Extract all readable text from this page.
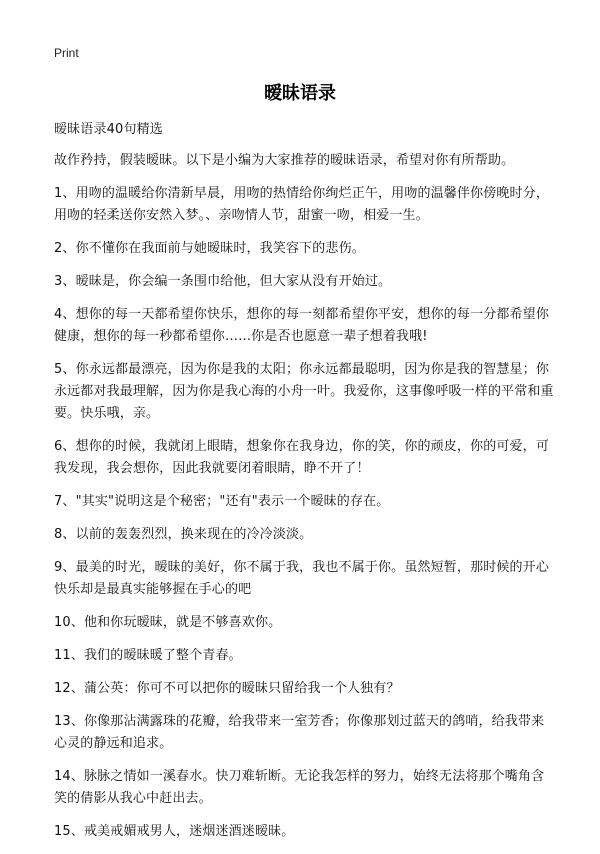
Print
暧昧语录

暧昧语录40句精选

故作矜持，假装暧昧。以下是小编为大家推荐的暧昧语录，希望对你有所帮助。

1、用吻的温暖给你清新早晨，用吻的热情给你绚烂正午，用吻的温馨伴你傍晚时分，用吻的轻柔送你安然入梦。、亲吻情人节，甜蜜一吻，相爱一生。

2、你不懂你在我面前与她暧昧时，我笑容下的悲伤。

3、暧昧是，你会编一条围巾给他，但大家从没有开始过。

4、想你的每一天都希望你快乐，想你的每一刻都希望你平安，想你的每一分都希望你健康，想你的每一秒都希望你……你是否也愿意一辈子想着我哦!

5、你永远都最漂亮，因为你是我的太阳；你永远都最聪明，因为你是我的智慧星；你永远都对我最理解，因为你是我心海的小舟一叶。我爱你，这事像呼吸一样的平常和重要。快乐哦，亲。

6、想你的时候，我就闭上眼睛，想象你在我身边，你的笑，你的顽皮，你的可爱，可我发现，我会想你，因此我就要闭着眼睛，睁不开了！

7、"其实"说明这是个秘密；"还有"表示一个暧昧的存在。

8、以前的轰轰烈烈，换来现在的冷冷淡淡。

9、最美的时光，暧昧的美好，你不属于我，我也不属于你。虽然短暂，那时候的开心快乐却是最真实能够握在手心的吧

10、他和你玩暧昧，就是不够喜欢你。

11、我们的暧昧暖了整个青春。

12、蒲公英：你可不可以把你的暧昧只留给我一个人独有？

13、你像那沾满露珠的花瓣，给我带来一室芳香；你像那划过蓝天的鸽哨，给我带来心灵的静远和追求。

14、脉脉之情如一溪春水。快刀难斩断。无论我怎样的努力，始终无法将那个嘴角含笑的倩影从我心中赶出去。

15、戒美戒媚戒男人，迷烟迷酒迷暧昧。
